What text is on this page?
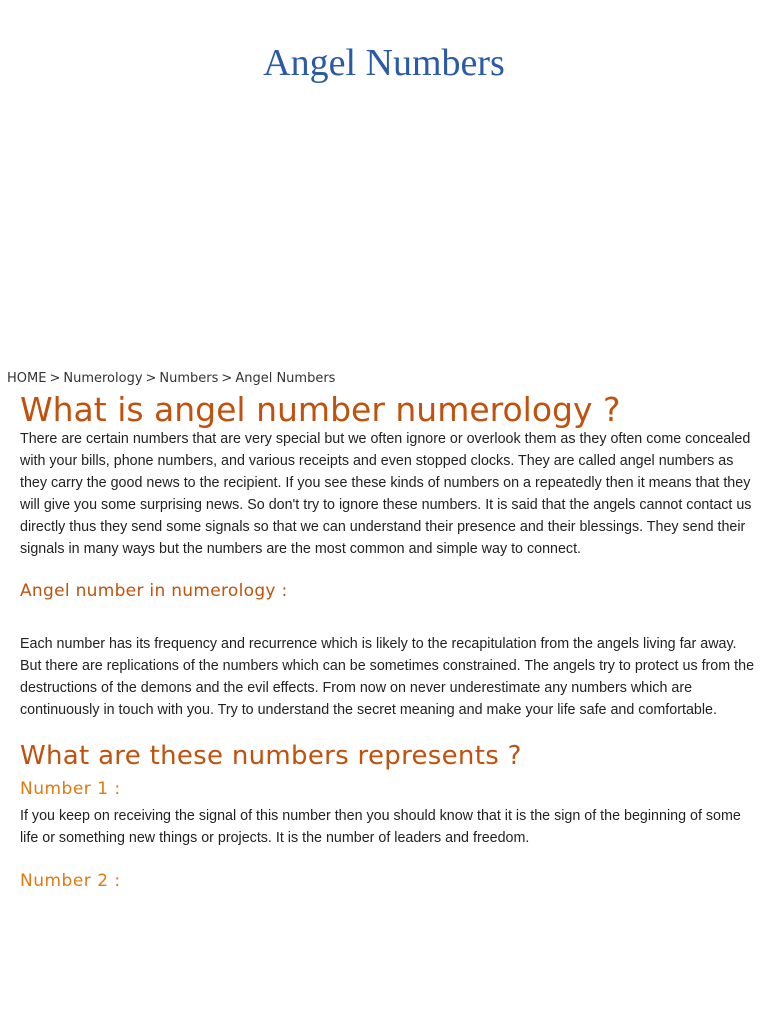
Angel Numbers
HOME > Numerology > Numbers > Angel Numbers
What is angel number numerology ?

There are certain numbers that are very special but we often ignore or overlook them as they often come concealed with your bills, phone numbers, and various receipts and even stopped clocks. They are called angel numbers as they carry the good news to the recipient. If you see these kinds of numbers on a repeatedly then it means that they will give you some surprising news. So don't try to ignore these numbers. It is said that the angels cannot contact us directly thus they send some signals so that we can understand their presence and their blessings. They send their signals in many ways but the numbers are the most common and simple way to connect.

Angel number in numerology :

Each number has its frequency and recurrence which is likely to the recapitulation from the angels living far away. But there are replications of the numbers which can be sometimes constrained. The angels try to protect us from the destructions of the demons and the evil effects. From now on never underestimate any numbers which are continuously in touch with you. Try to understand the secret meaning and make your life safe and comfortable.

What are these numbers represents ?
Number 1 :

If you keep on receiving the signal of this number then you should know that it is the sign of the beginning of some life or something new things or projects. It is the number of leaders and freedom.

Number 2 :
